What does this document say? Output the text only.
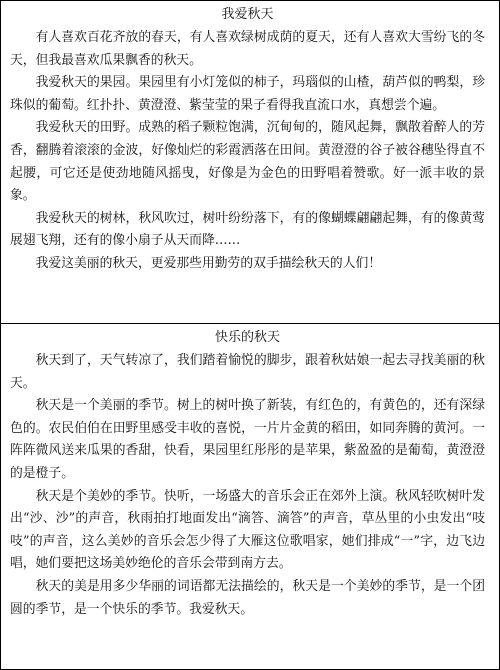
我爱秋天

有人喜欢百花齐放的春天，有人喜欢绿树成荫的夏天，还有人喜欢大雪纷飞的冬天，但我最喜欢瓜果飘香的秋天。

我爱秋天的果园。果园里有小灯笼似的柿子，玛瑙似的山楂，葫芦似的鸭梨，珍珠似的葡萄。红扑扑、黄澄澄、紫莹莹的果子看得我直流口水，真想尝个遍。

我爱秋天的田野。成熟的稻子颗粒饱满，沉甸甸的，随风起舞，飘散着醉人的芳香，翻腾着滚滚的金波，好像灿烂的彩霞洒落在田间。黄澄澄的谷子被谷穗坠得直不起腰，可它还是使劲地随风摇曳，好像是为金色的田野唱着赞歌。好一派丰收的景象。

我爱秋天的树林，秋风吹过，树叶纷纷落下，有的像蝴蝶翩翩起舞，有的像黄莺展翅飞翔，还有的像小扇子从天而降……

我爱这美丽的秋天，更爱那些用勤劳的双手描绘秋天的人们！

快乐的秋天

秋天到了，天气转凉了，我们踏着愉悦的脚步，跟着秋姑娘一起去寻找美丽的秋天。

秋天是一个美丽的季节。树上的树叶换了新装，有红色的，有黄色的，还有深绿色的。农民伯伯在田野里感受丰收的喜悦，一片片金黄的稻田，如同奔腾的黄河。一阵阵微风送来瓜果的香甜，快看，果园里红彤彤的是苹果，紫盈盈的是葡萄，黄澄澄的是橙子。

秋天是个美妙的季节。快听，一场盛大的音乐会正在郊外上演。秋风轻吹树叶发出“沙、沙”的声音，秋雨拍打地面发出“滴答、滴答”的声音，草丛里的小虫发出“吱吱”的声音，这么美妙的音乐会怎少得了大雁这位歌唱家，她们排成“一”字，边飞边唱，她们要把这场美妙绝伦的音乐会带到南方去。

秋天的美是用多少华丽的词语都无法描绘的，秋天是一个美妙的季节，是一个团圆的季节，是一个快乐的季节。我爱秋天。
